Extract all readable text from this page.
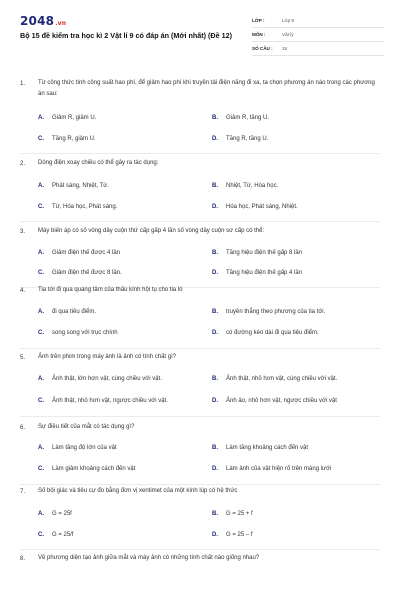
2048.vn
Bộ 15 đề kiểm tra học kì 2 Vật lí 9 có đáp án (Mới nhất) (Đề 12)
LỚP :	Lớp 9
MÔN :	Vật lý
SỐ CÂU :	15
1. Từ công thức tính công suất hao phí, để giảm hao phí khi truyền tải điện năng đi xa, ta chọn phương án nào trong các phương án sau:
A.	Giảm R, giảm U.	B.	Giảm R, tăng U.
C.	Tăng R, giảm U.	D.	Tăng R, tăng U.
2. Dòng điện xoay chiều có thể gây ra tác dụng:
A.	Phát sáng, Nhiệt, Từ.	B.	Nhiệt, Từ, Hóa học.
C.	Từ, Hóa học, Phát sáng.	D.	Hóa học, Phát sáng, Nhiệt.
3. Máy biến áp có số vòng dây cuộn thứ cấp gấp 4 lần số vòng dây cuộn sơ cấp có thể:
A.	Giảm điện thế được 4 lần	B.	Tăng hiệu điện thế gấp 8 lần
C.	Giảm điện thế được 8 lần.	D.	Tăng hiệu điện thế gấp 4 lần
4. Tia tới đi qua quang tâm của thấu kính hội tụ cho tia ló
A.	đi qua tiêu điểm.	B.	truyền thẳng theo phương của tia tới.
C.	song song với trục chính	D.	có đường kéo dài đi qua tiêu điểm.
5. Ảnh trên phim trong máy ảnh là ảnh có tính chất gì?
A.	Ảnh thật, lớn hơn vật, cùng chiều với vật.	B.	Ảnh thật, nhỏ hơn vật, cùng chiều với vật.
C.	Ảnh thật, nhỏ hơn vật, ngược chiều với vật.	D.	Ảnh ảo, nhỏ hơn vật, ngược chiều với vật
6. Sự điều tiết của mắt có tác dụng gì?
A.	Làm tăng độ lớn của vật	B.	Làm tăng khoảng cách đến vật
C.	Làm giảm khoảng cách đến vật	D.	Làm ảnh của vật hiện rõ trên màng lưới
7. Số bội giác và tiêu cự đo bằng đơn vị xentimet của một kính lúp có hệ thức
A.	G = 25f	B.	G = 25 + f
C.	G = 25/f	D.	G = 25 – f
8. Về phương diện tạo ảnh giữa mắt và máy ảnh có những tính chất nào giống nhau?
